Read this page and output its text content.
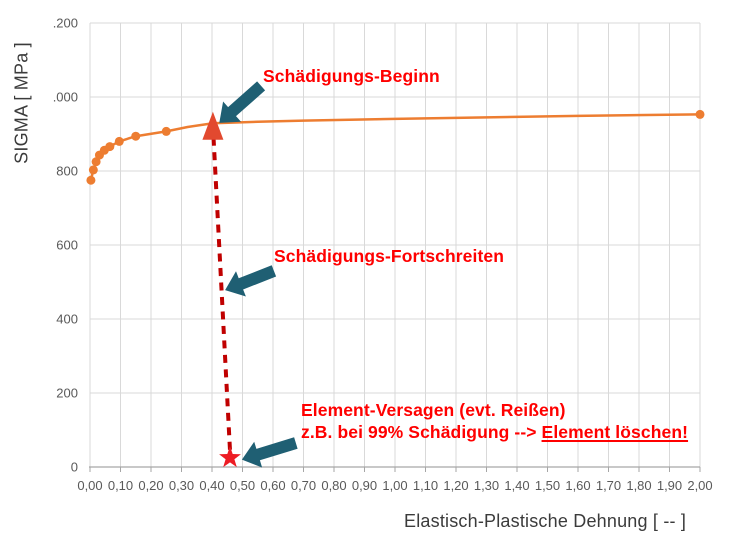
0,00 0,10 0,20 0,30 0,40 0,50 0,60 0,70 0,80 0,90 1,00 1,10 1,20 1,30 1,40 1,50 1,60 1,70 1,80 1,90 2,00
0
200
400
600
800
.000
.200
SIGMA [ MPa ]
Elastisch-Plastische Dehnung [ -- ]
Schädigungs-Beginn
Schädigungs-Fortschreiten
Element-Versagen (evt. Reißen)
z.B. bei 99% Schädigung --> Element löschen!
